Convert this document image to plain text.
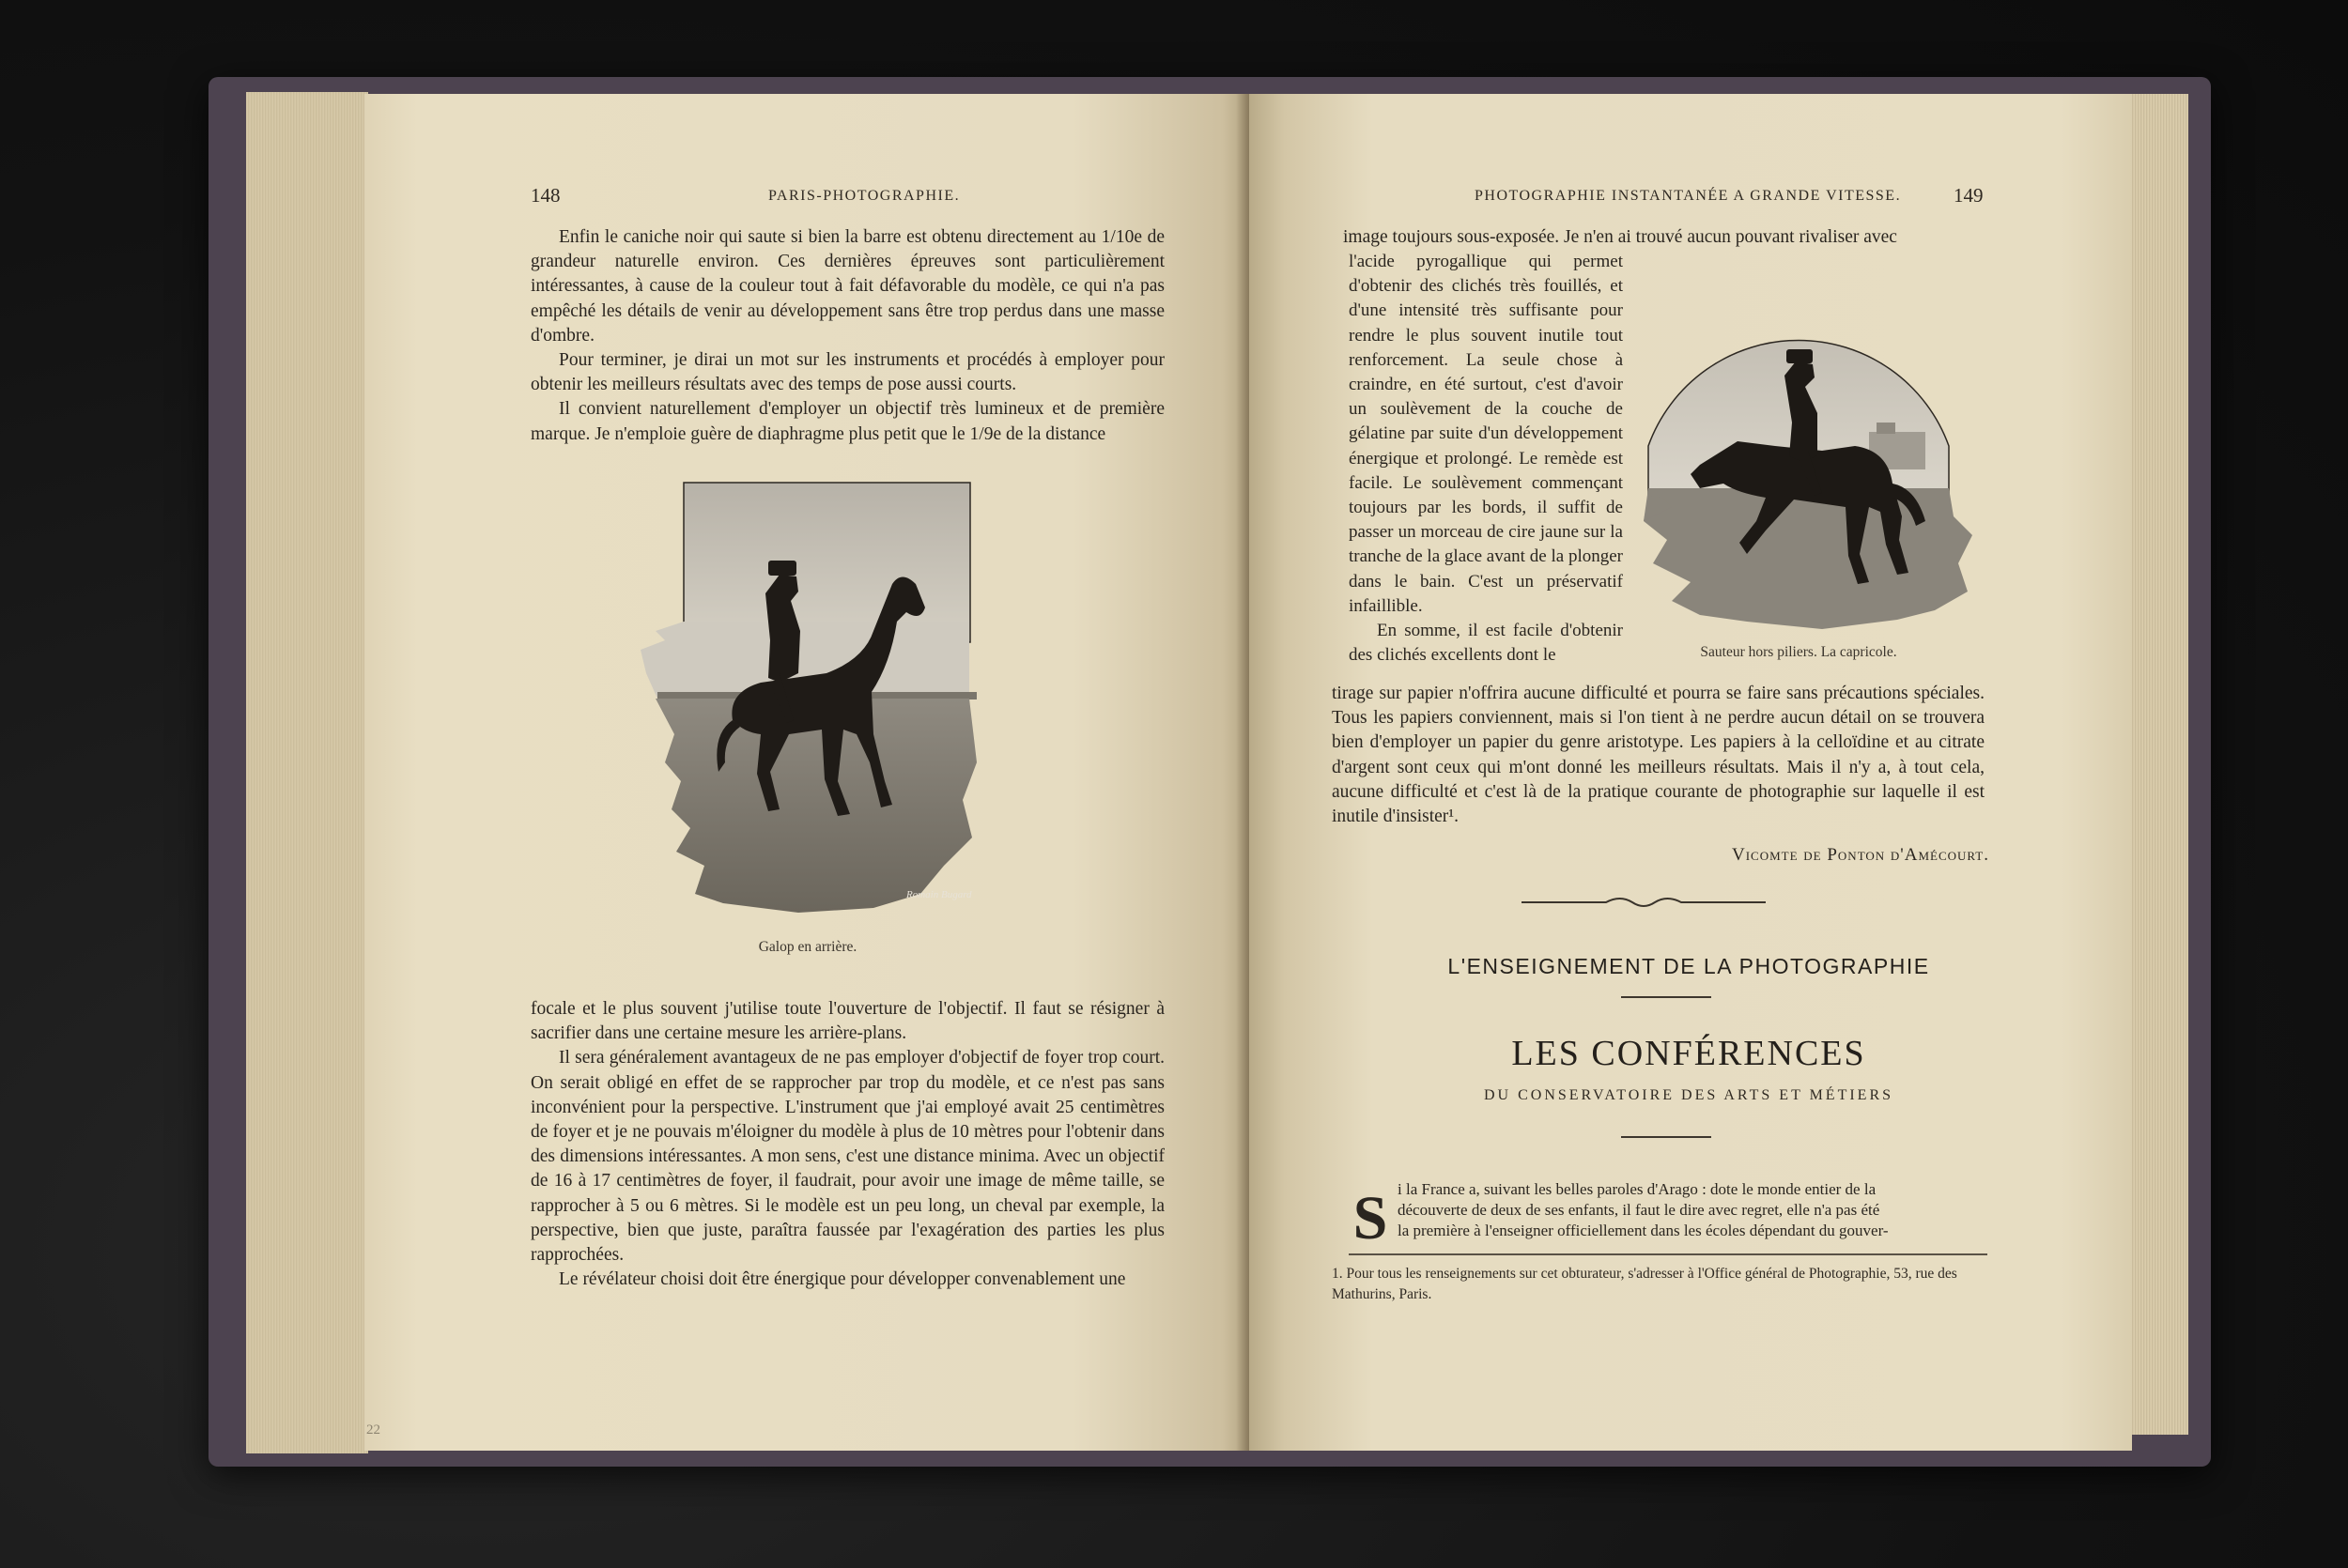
148	PARIS-PHOTOGRAPHIE.

Enfin le caniche noir qui saute si bien la barre est obtenu directement au 1/10e de grandeur naturelle environ. Ces dernières épreuves sont particulièrement intéressantes, à cause de la couleur tout à fait défavorable du modèle, ce qui n'a pas empêché les détails de venir au développement sans être trop perdus dans une masse d'ombre.

Pour terminer, je dirai un mot sur les instruments et procédés à employer pour obtenir les meilleurs résultats avec des temps de pose aussi courts.

Il convient naturellement d'employer un objectif très lumineux et de première marque. Je n'emploie guère de diaphragme plus petit que le 1/9e de la distance

Romain Bugard
Galop en arrière.

focale et le plus souvent j'utilise toute l'ouverture de l'objectif. Il faut se résigner à sacrifier dans une certaine mesure les arrière-plans.

Il sera généralement avantageux de ne pas employer d'objectif de foyer trop court. On serait obligé en effet de se rapprocher par trop du modèle, et ce n'est pas sans inconvénient pour la perspective. L'instrument que j'ai employé avait 25 centimètres de foyer et je ne pouvais m'éloigner du modèle à plus de 10 mètres pour l'obtenir dans des dimensions intéressantes. A mon sens, c'est une distance minima. Avec un objectif de 16 à 17 centimètres de foyer, il faudrait, pour avoir une image de même taille, se rapprocher à 5 ou 6 mètres. Si le modèle est un peu long, un cheval par exemple, la perspective, bien que juste, paraîtra faussée par l'exagération des parties les plus rapprochées.

Le révélateur choisi doit être énergique pour développer convenablement une

22
PHOTOGRAPHIE INSTANTANÉE A GRANDE VITESSE.	149

image toujours sous-exposée. Je n'en ai trouvé aucun pouvant rivaliser avec

l'acide pyrogallique qui permet d'obtenir des clichés très fouillés, et d'une intensité très suffisante pour rendre le plus souvent inutile tout renforcement. La seule chose à craindre, en été surtout, c'est d'avoir un soulèvement de la couche de gélatine par suite d'un développement énergique et prolongé. Le remède est facile. Le soulèvement commençant toujours par les bords, il suffit de passer un morceau de cire jaune sur la tranche de la glace avant de la plonger dans le bain. C'est un préservatif infaillible.

En somme, il est facile d'obtenir des clichés excellents dont le	Sauteur hors piliers. La capricole.

tirage sur papier n'offrira aucune difficulté et pourra se faire sans précautions spéciales. Tous les papiers conviennent, mais si l'on tient à ne perdre aucun détail on se trouvera bien d'employer un papier du genre aristotype. Les papiers à la celloïdine et au citrate d'argent sont ceux qui m'ont donné les meilleurs résultats. Mais il n'y a, à tout cela, aucune difficulté et c'est là de la pratique courante de photographie sur laquelle il est inutile d'insister¹.

Vicomte de Ponton d'Amécourt.
L'ENSEIGNEMENT DE LA PHOTOGRAPHIE
LES CONFÉRENCES
DU CONSERVATOIRE DES ARTS ET MÉTIERS
S i la France a, suivant les belles paroles d'Arago : dote le monde entier de la
découverte de deux de ses enfants, il faut le dire avec regret, elle n'a pas été
la première à l'enseigner officiellement dans les écoles dépendant du gouver-
1. Pour tous les renseignements sur cet obturateur, s'adresser à l'Office général de Photographie, 53, rue des Mathurins, Paris.
